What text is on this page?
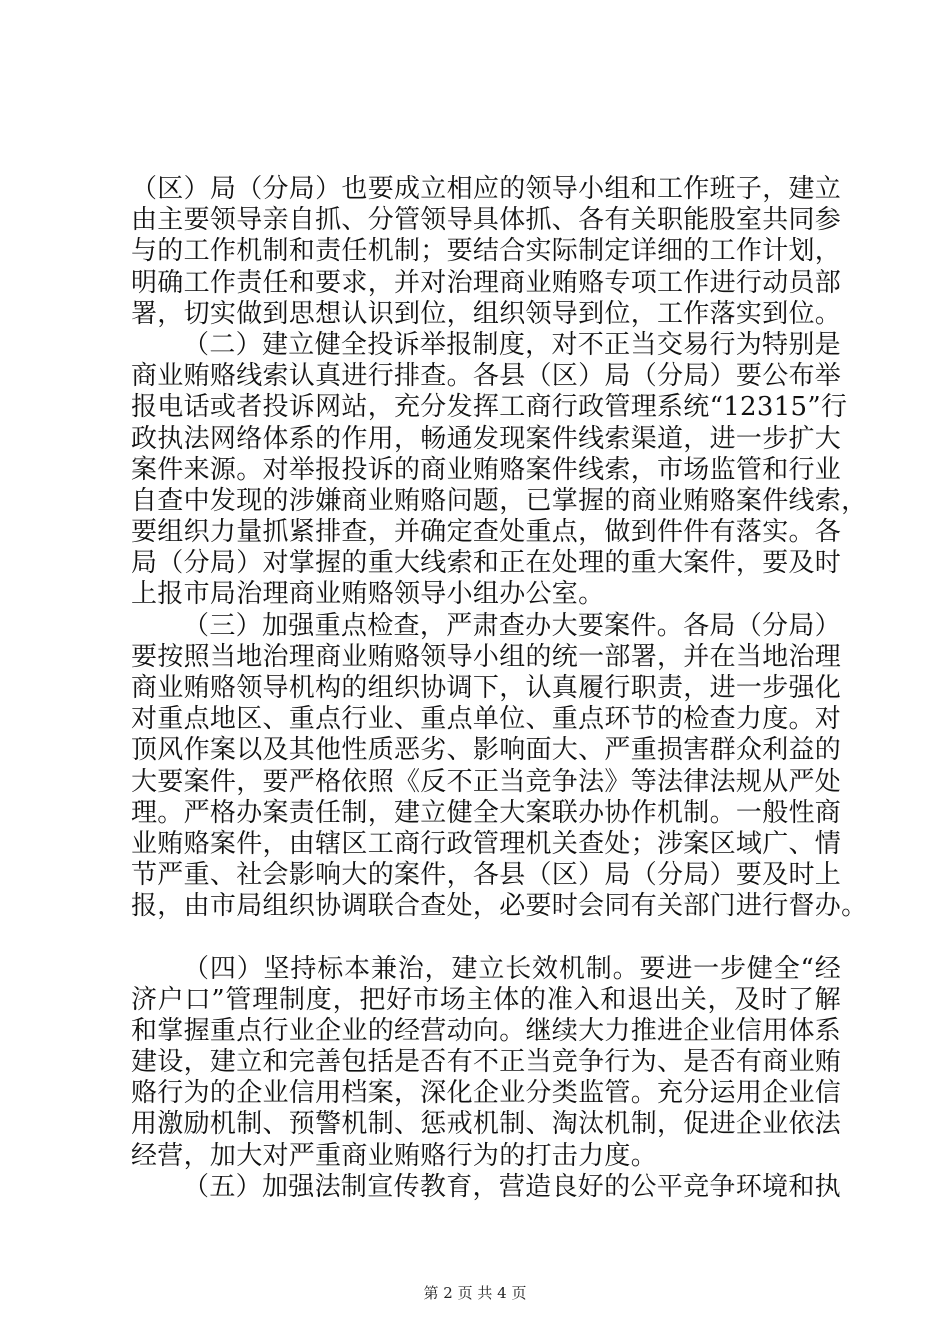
（区）局（分局）也要成立相应的领导小组和工作班子，建立
由主要领导亲自抓、分管领导具体抓、各有关职能股室共同参
与的工作机制和责任机制；要结合实际制定详细的工作计划，
明确工作责任和要求，并对治理商业贿赂专项工作进行动员部
署，切实做到思想认识到位，组织领导到位，工作落实到位。
（二）建立健全投诉举报制度，对不正当交易行为特别是
商业贿赂线索认真进行排查。各县（区）局（分局）要公布举
报电话或者投诉网站，充分发挥工商行政管理系统“12315”行
政执法网络体系的作用，畅通发现案件线索渠道，进一步扩大
案件来源。对举报投诉的商业贿赂案件线索，市场监管和行业
自查中发现的涉嫌商业贿赂问题，已掌握的商业贿赂案件线索，
要组织力量抓紧排查，并确定查处重点，做到件件有落实。各
局（分局）对掌握的重大线索和正在处理的重大案件，要及时
上报市局治理商业贿赂领导小组办公室。
（三）加强重点检查，严肃查办大要案件。各局（分局）
要按照当地治理商业贿赂领导小组的统一部署，并在当地治理
商业贿赂领导机构的组织协调下，认真履行职责，进一步强化
对重点地区、重点行业、重点单位、重点环节的检查力度。对
顶风作案以及其他性质恶劣、影响面大、严重损害群众利益的
大要案件，要严格依照《反不正当竞争法》等法律法规从严处
理。严格办案责任制，建立健全大案联办协作机制。一般性商
业贿赂案件，由辖区工商行政管理机关查处；涉案区域广、情
节严重、社会影响大的案件，各县（区）局（分局）要及时上
报，由市局组织协调联合查处，必要时会同有关部门进行督办。
（四）坚持标本兼治，建立长效机制。要进一步健全“经
济户口”管理制度，把好市场主体的准入和退出关，及时了解
和掌握重点行业企业的经营动向。继续大力推进企业信用体系
建设，建立和完善包括是否有不正当竞争行为、是否有商业贿
赂行为的企业信用档案，深化企业分类监管。充分运用企业信
用激励机制、预警机制、惩戒机制、淘汰机制，促进企业依法
经营，加大对严重商业贿赂行为的打击力度。
（五）加强法制宣传教育，营造良好的公平竞争环境和执
第 2 页 共 4 页
